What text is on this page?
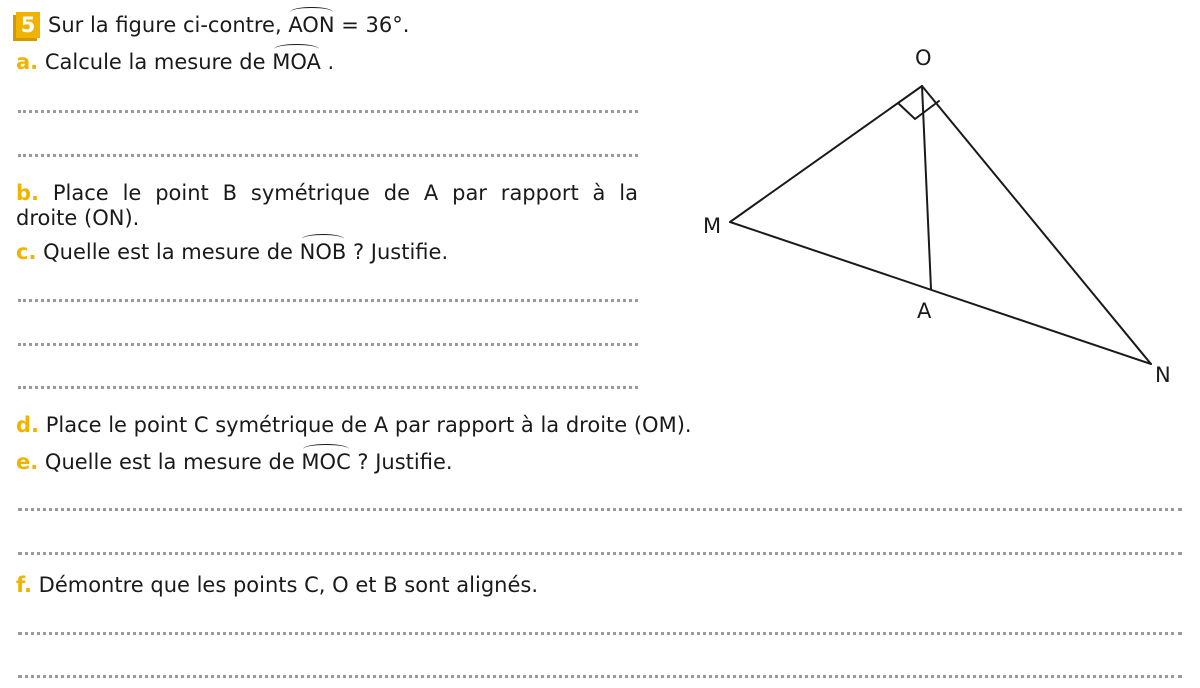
5 Sur la figure ci-contre, AON = 36°.
a. Calcule la mesure de MOA .
b. Place le point B symétrique de A par rapport à la
droite (ON).
c. Quelle est la mesure de NOB ? Justifie.
d. Place le point C symétrique de A par rapport à la droite (OM).
e. Quelle est la mesure de MOC ? Justifie.
f. Démontre que les points C, O et B sont alignés.
O
M
A
N
